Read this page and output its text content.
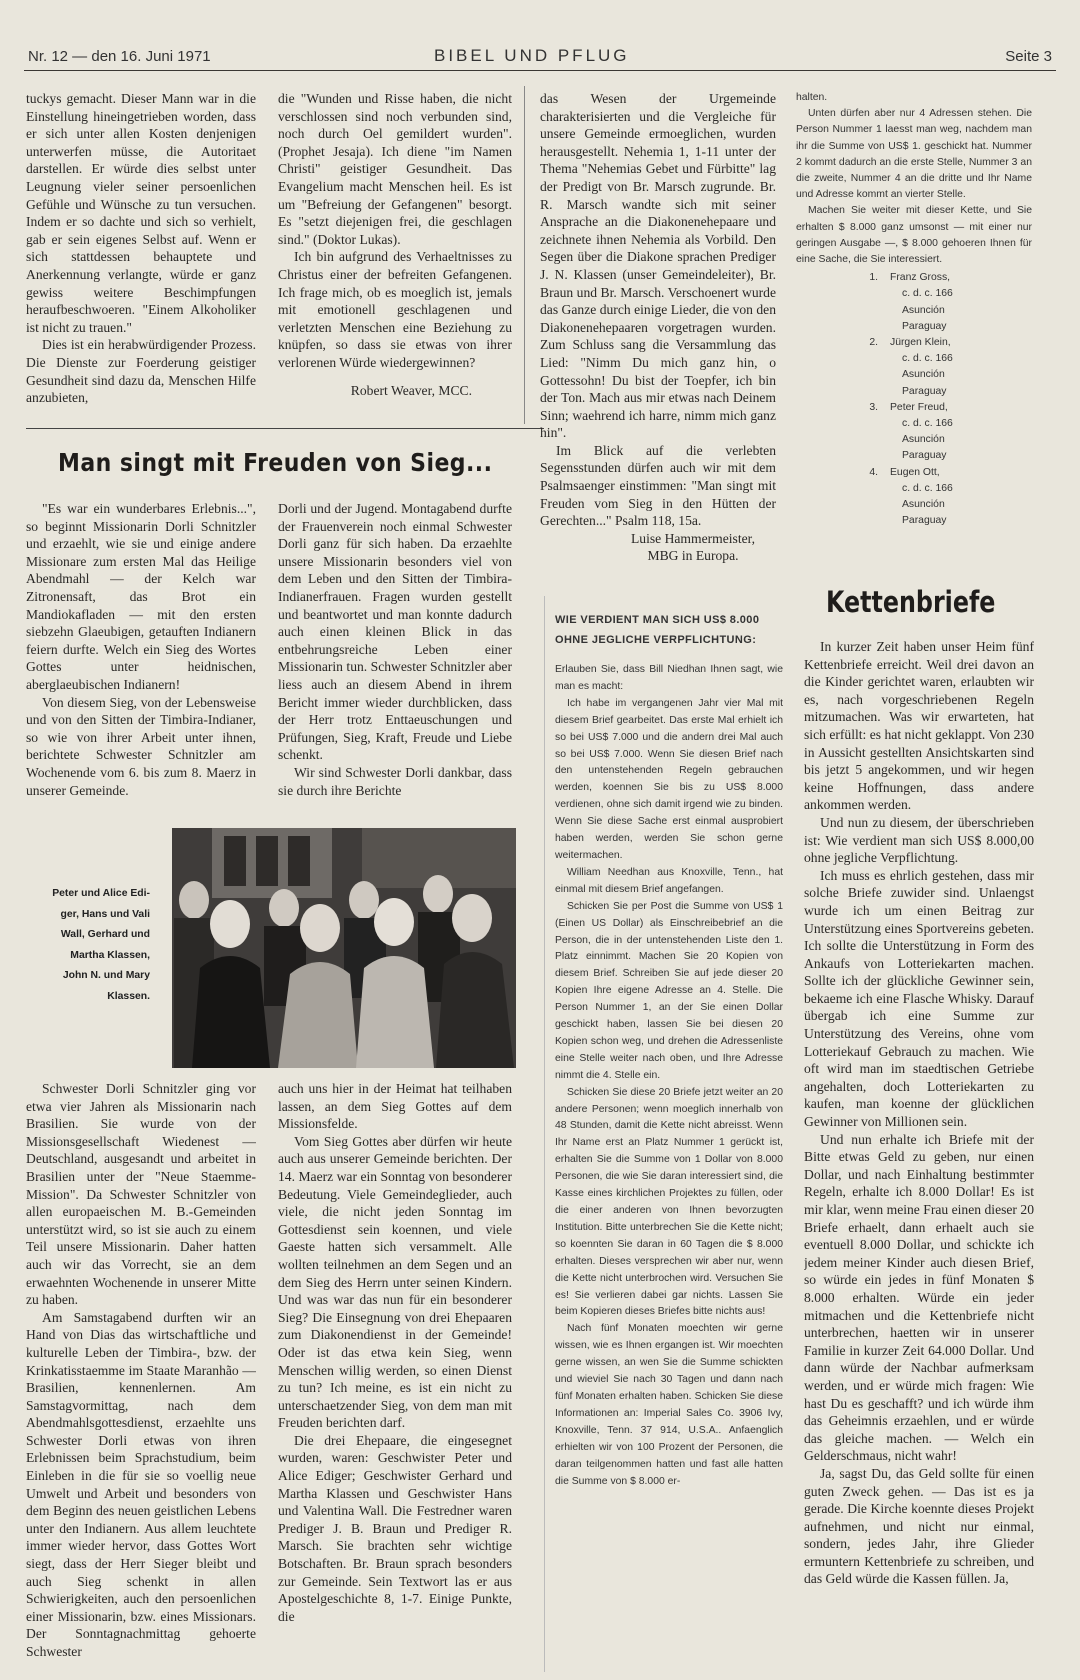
Nr. 12 — den 16. Juni 1971	BIBEL UND PFLUG	Seite 3

tuckys gemacht. Dieser Mann war in die Einstellung hineingetrieben worden, dass er sich unter allen Kosten denjenigen unterwerfen müsse, die Autoritaet darstellen. Er würde dies selbst unter Leugnung vieler seiner persoenlichen Gefühle und Wünsche zu tun versuchen. Indem er so dachte und sich so verhielt, gab er sein eigenes Selbst auf. Wenn er sich stattdessen behauptete und Anerkennung verlangte, würde er ganz gewiss weitere Beschimpfungen heraufbeschwoeren. "Einem Alkoholiker ist nicht zu trauen."

Dies ist ein herabwürdigender Prozess. Die Dienste zur Foerderung geistiger Gesundheit sind dazu da, Menschen Hilfe anzubieten,

die "Wunden und Risse haben, die nicht verschlossen sind noch verbunden sind, noch durch Oel gemildert wurden". (Prophet Jesaja). Ich diene "im Namen Christi" geistiger Gesundheit. Das Evangelium macht Menschen heil. Es ist um "Befreiung der Gefangenen" besorgt. Es "setzt diejenigen frei, die geschlagen sind." (Doktor Lukas).

Ich bin aufgrund des Verhaeltnisses zu Christus einer der befreiten Gefangenen. Ich frage mich, ob es moeglich ist, jemals mit emotionell geschlagenen und verletzten Menschen eine Beziehung zu knüpfen, so dass sie etwas von ihrer verlorenen Würde wiedergewinnen?

Robert Weaver, MCC.

Man singt mit Freuden von Sieg...

"Es war ein wunderbares Erlebnis...", so beginnt Missionarin Dorli Schnitzler und erzaehlt, wie sie und einige andere Missionare zum ersten Mal das Heilige Abendmahl — der Kelch war Zitronensaft, das Brot ein Mandiokafladen — mit den ersten siebzehn Glaeubigen, getauften Indianern feiern durfte. Welch ein Sieg des Wortes Gottes unter heidnischen, aberglaeubischen Indianern!

Von diesem Sieg, von der Lebensweise und von den Sitten der Timbira-Indianer, so wie von ihrer Arbeit unter ihnen, berichtete Schwester Schnitzler am Wochenende vom 6. bis zum 8. Maerz in unserer Gemeinde.

Dorli und der Jugend. Montagabend durfte der Frauenverein noch einmal Schwester Dorli ganz für sich haben. Da erzaehlte unsere Missionarin besonders viel von dem Leben und den Sitten der Timbira-Indianerfrauen. Fragen wurden gestellt und beantwortet und man konnte dadurch auch einen kleinen Blick in das entbehrungsreiche Leben einer Missionarin tun. Schwester Schnitzler aber liess auch an diesem Abend in ihrem Bericht immer wieder durchblicken, dass der Herr trotz Enttaeuschungen und Prüfungen, Sieg, Kraft, Freude und Liebe schenkt.

Wir sind Schwester Dorli dankbar, dass sie durch ihre Berichte

Peter und Alice Edi-
ger, Hans und Vali
Wall, Gerhard und
Martha Klassen,
John N. und Mary
Klassen.

Schwester Dorli Schnitzler ging vor etwa vier Jahren als Missionarin nach Brasilien. Sie wurde von der Missionsgesellschaft Wiedenest — Deutschland, ausgesandt und arbeitet in Brasilien unter der "Neue Staemme-Mission". Da Schwester Schnitzler von allen europaeischen M. B.-Gemeinden unterstützt wird, so ist sie auch zu einem Teil unsere Missionarin. Daher hatten auch wir das Vorrecht, sie an dem erwaehnten Wochenende in unserer Mitte zu haben.

Am Samstagabend durften wir an Hand von Dias das wirtschaftliche und kulturelle Leben der Timbira-, bzw. der Krinkatisstaemme im Staate Maranhão — Brasilien, kennenlernen. Am Samstagvormittag, nach dem Abendmahlsgottesdienst, erzaehlte uns Schwester Dorli etwas von ihren Erlebnissen beim Sprachstudium, beim Einleben in die für sie so voellig neue Umwelt und Arbeit und besonders von dem Beginn des neuen geistlichen Lebens unter den Indianern. Aus allem leuchtete immer wieder hervor, dass Gottes Wort siegt, dass der Herr Sieger bleibt und auch Sieg schenkt in allen Schwierigkeiten, auch den persoenlichen einer Missionarin, bzw. eines Missionars. Der Sonntagnachmittag gehoerte Schwester

auch uns hier in der Heimat hat teilhaben lassen, an dem Sieg Gottes auf dem Missionsfelde.

Vom Sieg Gottes aber dürfen wir heute auch aus unserer Gemeinde berichten. Der 14. Maerz war ein Sonntag von besonderer Bedeutung. Viele Gemeindeglieder, auch viele, die nicht jeden Sonntag im Gottesdienst sein koennen, und viele Gaeste hatten sich versammelt. Alle wollten teilnehmen an dem Segen und an dem Sieg des Herrn unter seinen Kindern. Und was war das nun für ein besonderer Sieg? Die Einsegnung von drei Ehepaaren zum Diakonendienst in der Gemeinde! Oder ist das etwa kein Sieg, wenn Menschen willig werden, so einen Dienst zu tun? Ich meine, es ist ein nicht zu unterschaetzender Sieg, von dem man mit Freuden berichten darf.

Die drei Ehepaare, die eingesegnet wurden, waren: Geschwister Peter und Alice Ediger; Geschwister Gerhard und Martha Klassen und Geschwister Hans und Valentina Wall. Die Festredner waren Prediger J. B. Braun und Prediger R. Marsch. Sie brachten sehr wichtige Botschaften. Br. Braun sprach besonders zur Gemeinde. Sein Textwort las er aus Apostelgeschichte 8, 1-7. Einige Punkte, die

das Wesen der Urgemeinde charakterisierten und die Vergleiche für unsere Gemeinde ermoeglichen, wurden herausgestellt. Nehemia 1, 1-11 unter der Thema "Nehemias Gebet und Fürbitte" lag der Predigt von Br. Marsch zugrunde. Br. R. Marsch wandte sich mit seiner Ansprache an die Diakonenehepaare und zeichnete ihnen Nehemia als Vorbild. Den Segen über die Diakone sprachen Prediger J. N. Klassen (unser Gemeindeleiter), Br. Braun und Br. Marsch. Verschoenert wurde das Ganze durch einige Lieder, die von den Diakonenehepaaren vorgetragen wurden. Zum Schluss sang die Versammlung das Lied: "Nimm Du mich ganz hin, o Gottessohn! Du bist der Toepfer, ich bin der Ton. Mach aus mir etwas nach Deinem Sinn; waehrend ich harre, nimm mich ganz hin".

Im Blick auf die verlebten Segensstunden dürfen auch wir mit dem Psalmsaenger einstimmen: "Man singt mit Freuden vom Sieg in den Hütten der Gerechten..." Psalm 118, 15a.

Luise Hammermeister,

MBG in Europa.

WIE VERDIENT MAN SICH US$ 8.000 OHNE JEGLICHE VERPFLICHTUNG:

Erlauben Sie, dass Bill Niedhan Ihnen sagt, wie man es macht:

Ich habe im vergangenen Jahr vier Mal mit diesem Brief gearbeitet. Das erste Mal erhielt ich so bei US$ 7.000 und die andern drei Mal auch so bei US$ 7.000. Wenn Sie diesen Brief nach den untenstehenden Regeln gebrauchen werden, koennen Sie bis zu US$ 8.000 verdienen, ohne sich damit irgend wie zu binden. Wenn Sie diese Sache erst einmal ausprobiert haben werden, werden Sie schon gerne weitermachen.

William Needhan aus Knoxville, Tenn., hat einmal mit diesem Brief angefangen.

Schicken Sie per Post die Summe von US$ 1 (Einen US Dollar) als Einschreibebrief an die Person, die in der untenstehenden Liste den 1. Platz einnimmt. Machen Sie 20 Kopien von diesem Brief. Schreiben Sie auf jede dieser 20 Kopien Ihre eigene Adresse an 4. Stelle. Die Person Nummer 1, an der Sie einen Dollar geschickt haben, lassen Sie bei diesen 20 Kopien schon weg, und drehen die Adressenliste eine Stelle weiter nach oben, und Ihre Adresse nimmt die 4. Stelle ein.

Schicken Sie diese 20 Briefe jetzt weiter an 20 andere Personen; wenn moeglich innerhalb von 48 Stunden, damit die Kette nicht abreisst. Wenn Ihr Name erst an Platz Nummer 1 gerückt ist, erhalten Sie die Summe von 1 Dollar von 8.000 Personen, die wie Sie daran interessiert sind, die Kasse eines kirchlichen Projektes zu füllen, oder die einer anderen von Ihnen bevorzugten Institution. Bitte unterbrechen Sie die Kette nicht; so koennten Sie daran in 60 Tagen die $ 8.000 erhalten. Dieses versprechen wir aber nur, wenn die Kette nicht unterbrochen wird. Versuchen Sie es! Sie verlieren dabei gar nichts. Lassen Sie beim Kopieren dieses Briefes bitte nichts aus!

Nach fünf Monaten moechten wir gerne wissen, wie es Ihnen ergangen ist. Wir moechten gerne wissen, an wen Sie die Summe schickten und wieviel Sie nach 30 Tagen und dann nach fünf Monaten erhalten haben. Schicken Sie diese Informationen an: Imperial Sales Co. 3906 Ivy, Knoxville, Tenn. 37 914, U.S.A.. Anfaenglich erhielten wir von 100 Prozent der Personen, die daran teilgenommen hatten und fast alle hatten die Summe von $ 8.000 er-

halten.

Unten dürfen aber nur 4 Adressen stehen. Die Person Nummer 1 laesst man weg, nachdem man ihr die Summe von US$ 1. geschickt hat. Nummer 2 kommt dadurch an die erste Stelle, Nummer 3 an die zweite, Nummer 4 an die dritte und Ihr Name und Adresse kommt an vierter Stelle.

Machen Sie weiter mit dieser Kette, und Sie erhalten $ 8.000 ganz umsonst — mit einer nur geringen Ausgabe —, $ 8.000 gehoeren Ihnen für eine Sache, die Sie interessiert.

1.	Franz Gross,
c. d. c. 166
Asunción
Paraguay
2.	Jürgen Klein,
c. d. c. 166
Asunción
Paraguay
3.	Peter Freud,
c. d. c. 166
Asunción
Paraguay
4.	Eugen Ott,
c. d. c. 166
Asunción
Paraguay
Kettenbriefe

In kurzer Zeit haben unser Heim fünf Kettenbriefe erreicht. Weil drei davon an die Kinder gerichtet waren, erlaubten wir es, nach vorgeschriebenen Regeln mitzumachen. Was wir erwarteten, hat sich erfüllt: es hat nicht geklappt. Von 230 in Aussicht gestellten Ansichtskarten sind bis jetzt 5 angekommen, und wir hegen keine Hoffnungen, dass andere ankommen werden.

Und nun zu diesem, der überschrieben ist: Wie verdient man sich US$ 8.000,00 ohne jegliche Verpflichtung.

Ich muss es ehrlich gestehen, dass mir solche Briefe zuwider sind. Unlaengst wurde ich um einen Beitrag zur Unterstützung eines Sportvereins gebeten. Ich sollte die Unterstützung in Form des Ankaufs von Lotteriekarten machen. Sollte ich der glückliche Gewinner sein, bekaeme ich eine Flasche Whisky. Darauf übergab ich eine Summe zur Unterstützung des Vereins, ohne vom Lotteriekauf Gebrauch zu machen. Wie oft wird man im staedtischen Getriebe angehalten, doch Lotteriekarten zu kaufen, man koenne der glücklichen Gewinner von Millionen sein.

Und nun erhalte ich Briefe mit der Bitte etwas Geld zu geben, nur einen Dollar, und nach Einhaltung bestimmter Regeln, erhalte ich 8.000 Dollar! Es ist mir klar, wenn meine Frau einen dieser 20 Briefe erhaelt, dann erhaelt auch sie eventuell 8.000 Dollar, und schickte ich jedem meiner Kinder auch diesen Brief, so würde ein jedes in fünf Monaten $ 8.000 erhalten. Würde ein jeder mitmachen und die Kettenbriefe nicht unterbrechen, haetten wir in unserer Familie in kurzer Zeit 64.000 Dollar. Und dann würde der Nachbar aufmerksam werden, und er würde mich fragen: Wie hast Du es geschafft? und ich würde ihm das Geheimnis erzaehlen, und er würde das gleiche machen. — Welch ein Gelderschmaus, nicht wahr!

Ja, sagst Du, das Geld sollte für einen guten Zweck gehen. — Das ist es ja gerade. Die Kirche koennte dieses Projekt aufnehmen, und nicht nur einmal, sondern, jedes Jahr, ihre Glieder ermuntern Kettenbriefe zu schreiben, und das Geld würde die Kassen füllen. Ja,
